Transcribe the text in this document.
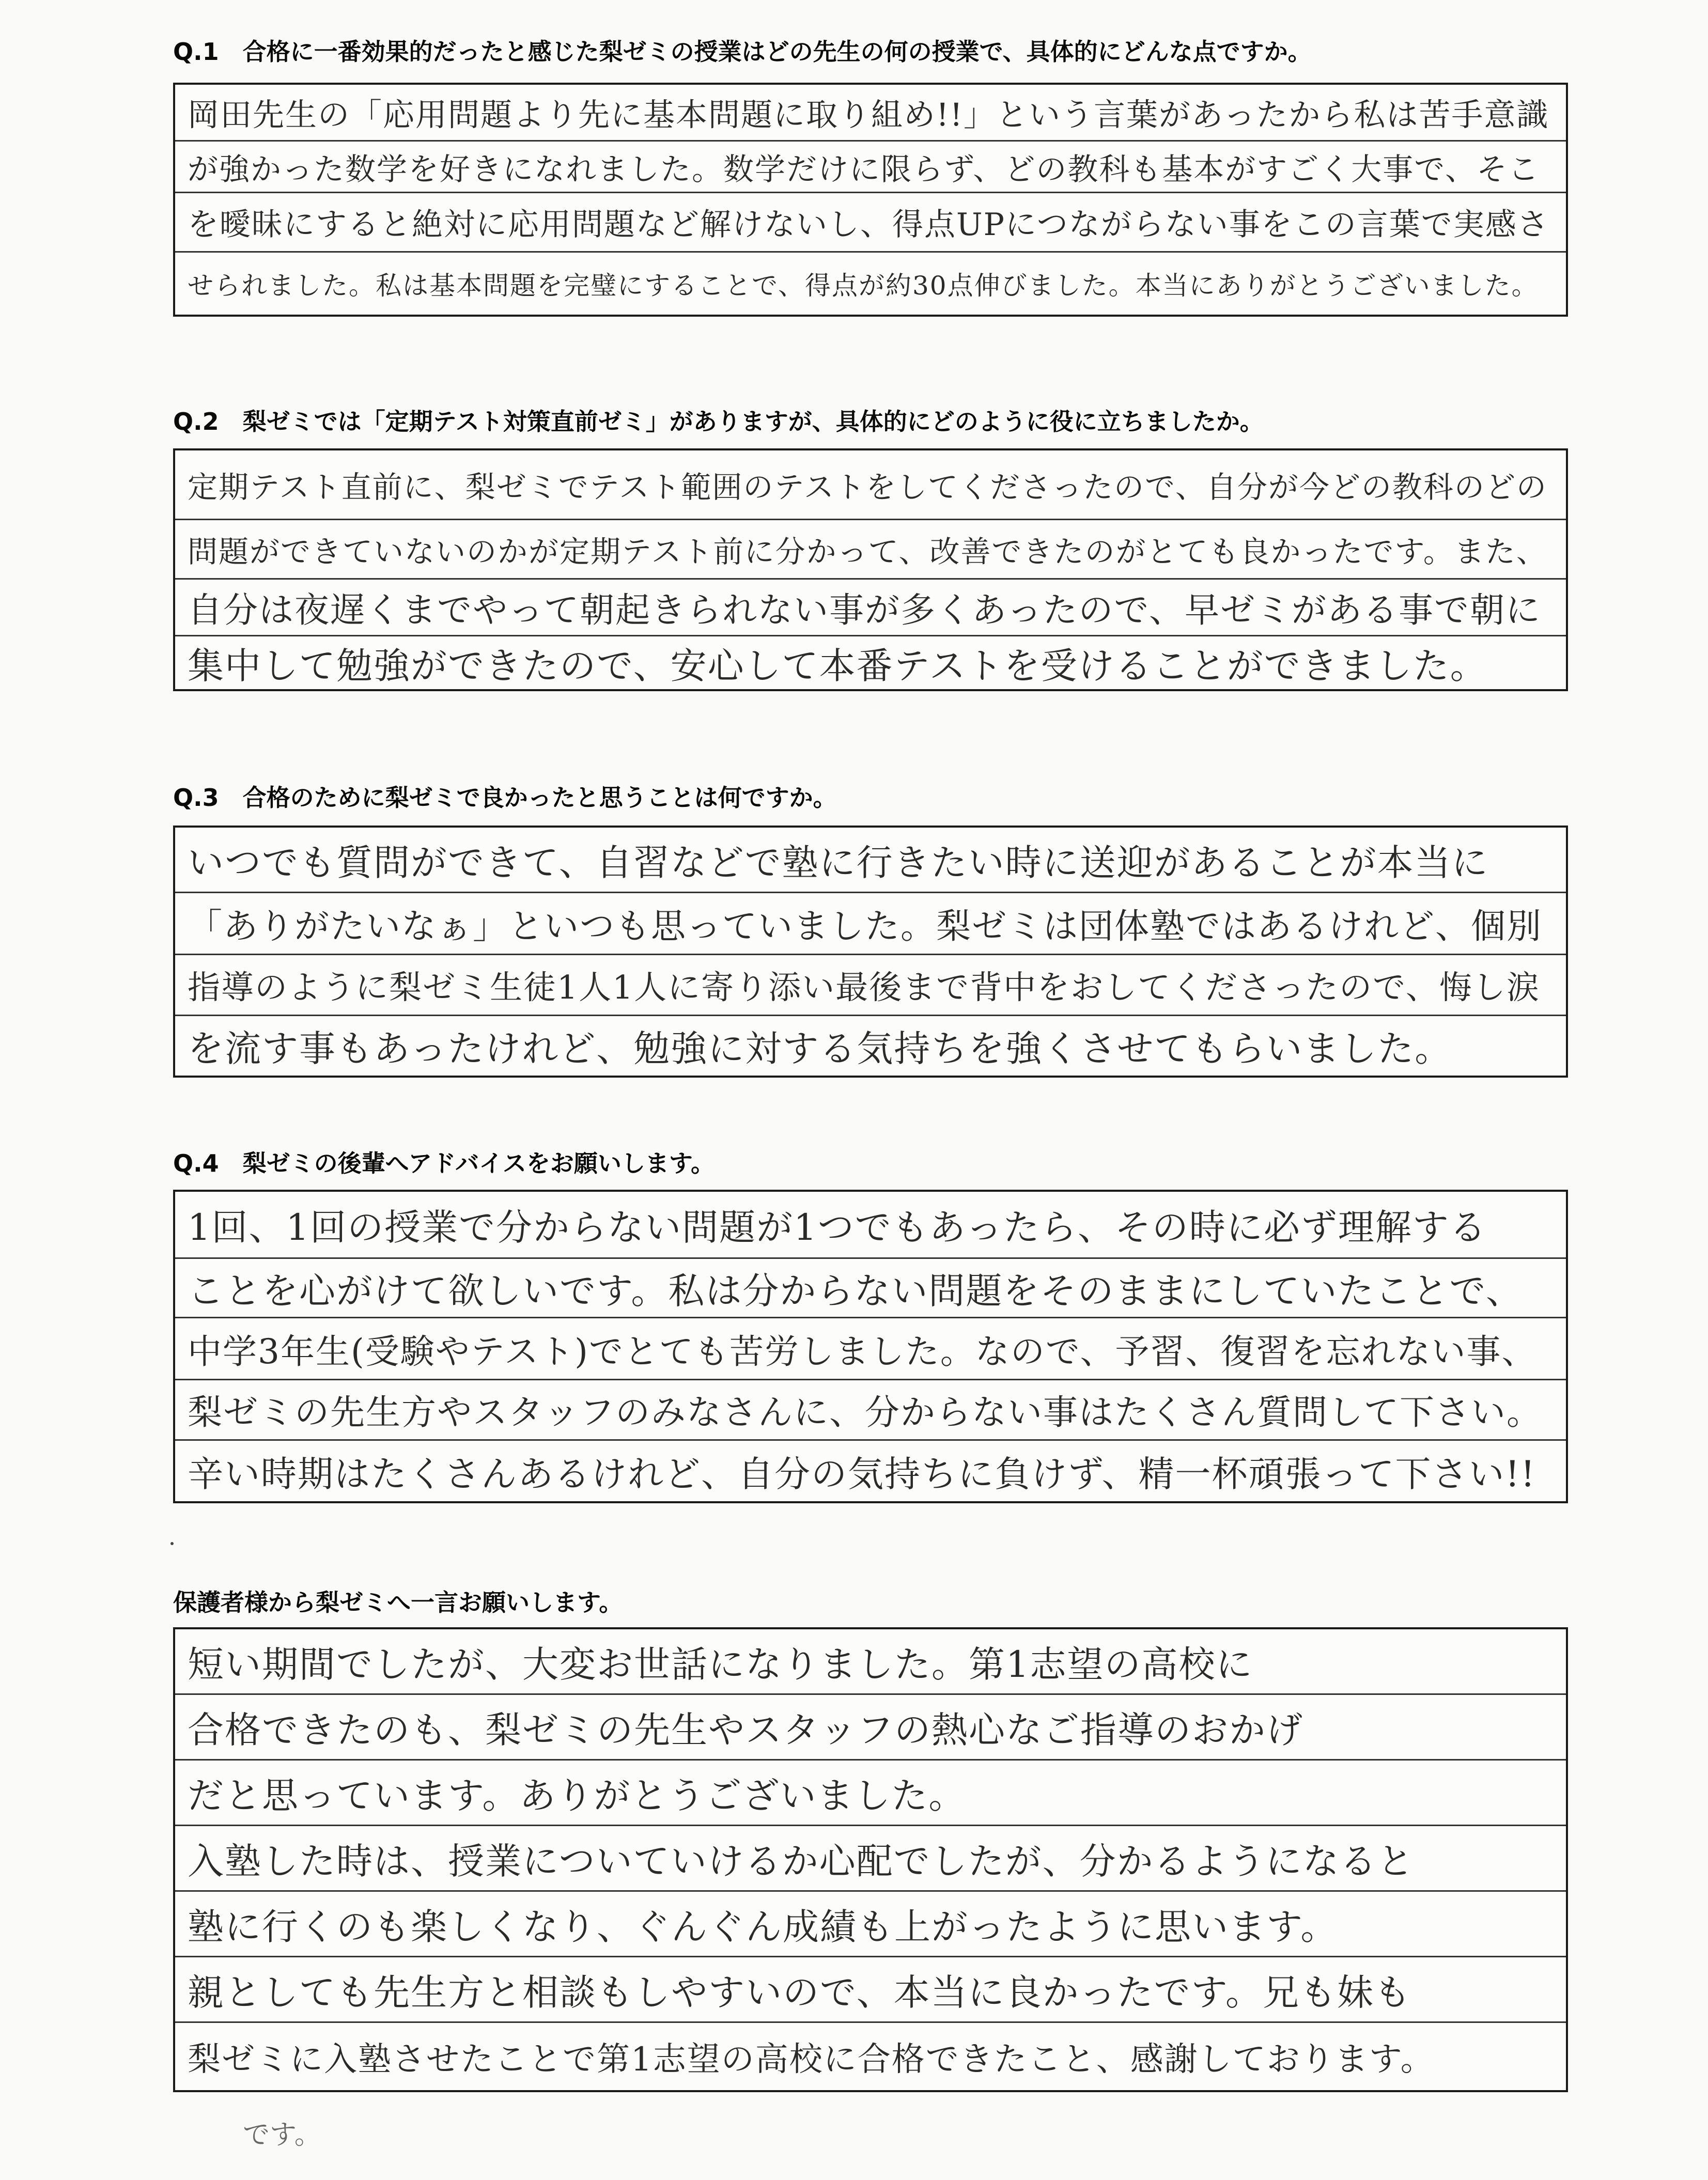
Q.1　合格に一番効果的だったと感じた梨ゼミの授業はどの先生の何の授業で、具体的にどんな点ですか。
岡田先生の「応用問題より先に基本問題に取り組め!!」という言葉があったから私は苦手意識
が強かった数学を好きになれました。数学だけに限らず、どの教科も基本がすごく大事で、そこ
を曖昧にすると絶対に応用問題など解けないし、得点UPにつながらない事をこの言葉で実感さ
せられました。私は基本問題を完璧にすることで、得点が約30点伸びました。本当にありがとうございました。
Q.2　梨ゼミでは「定期テスト対策直前ゼミ」がありますが、具体的にどのように役に立ちましたか。
定期テスト直前に、梨ゼミでテスト範囲のテストをしてくださったので、自分が今どの教科のどの
問題ができていないのかが定期テスト前に分かって、改善できたのがとても良かったです。また、
自分は夜遅くまでやって朝起きられない事が多くあったので、早ゼミがある事で朝に
集中して勉強ができたので、安心して本番テストを受けることができました。
Q.3　合格のために梨ゼミで良かったと思うことは何ですか。
いつでも質問ができて、自習などで塾に行きたい時に送迎があることが本当に
「ありがたいなぁ」といつも思っていました。梨ゼミは団体塾ではあるけれど、個別
指導のように梨ゼミ生徒1人1人に寄り添い最後まで背中をおしてくださったので、悔し涙
を流す事もあったけれど、勉強に対する気持ちを強くさせてもらいました。
Q.4　梨ゼミの後輩へアドバイスをお願いします。
1回、1回の授業で分からない問題が1つでもあったら、その時に必ず理解する
ことを心がけて欲しいです。私は分からない問題をそのままにしていたことで、
中学3年生(受験やテスト)でとても苦労しました。なので、予習、復習を忘れない事、
梨ゼミの先生方やスタッフのみなさんに、分からない事はたくさん質問して下さい。
辛い時期はたくさんあるけれど、自分の気持ちに負けず、精一杯頑張って下さい!!
保護者様から梨ゼミへ一言お願いします。
短い期間でしたが、大変お世話になりました。第1志望の高校に
合格できたのも、梨ゼミの先生やスタッフの熱心なご指導のおかげ
だと思っています。ありがとうございました。
入塾した時は、授業についていけるか心配でしたが、分かるようになると
塾に行くのも楽しくなり、ぐんぐん成績も上がったように思います。
親としても先生方と相談もしやすいので、本当に良かったです。兄も妹も
梨ゼミに入塾させたことで第1志望の高校に合格できたこと、感謝しております。
です。
